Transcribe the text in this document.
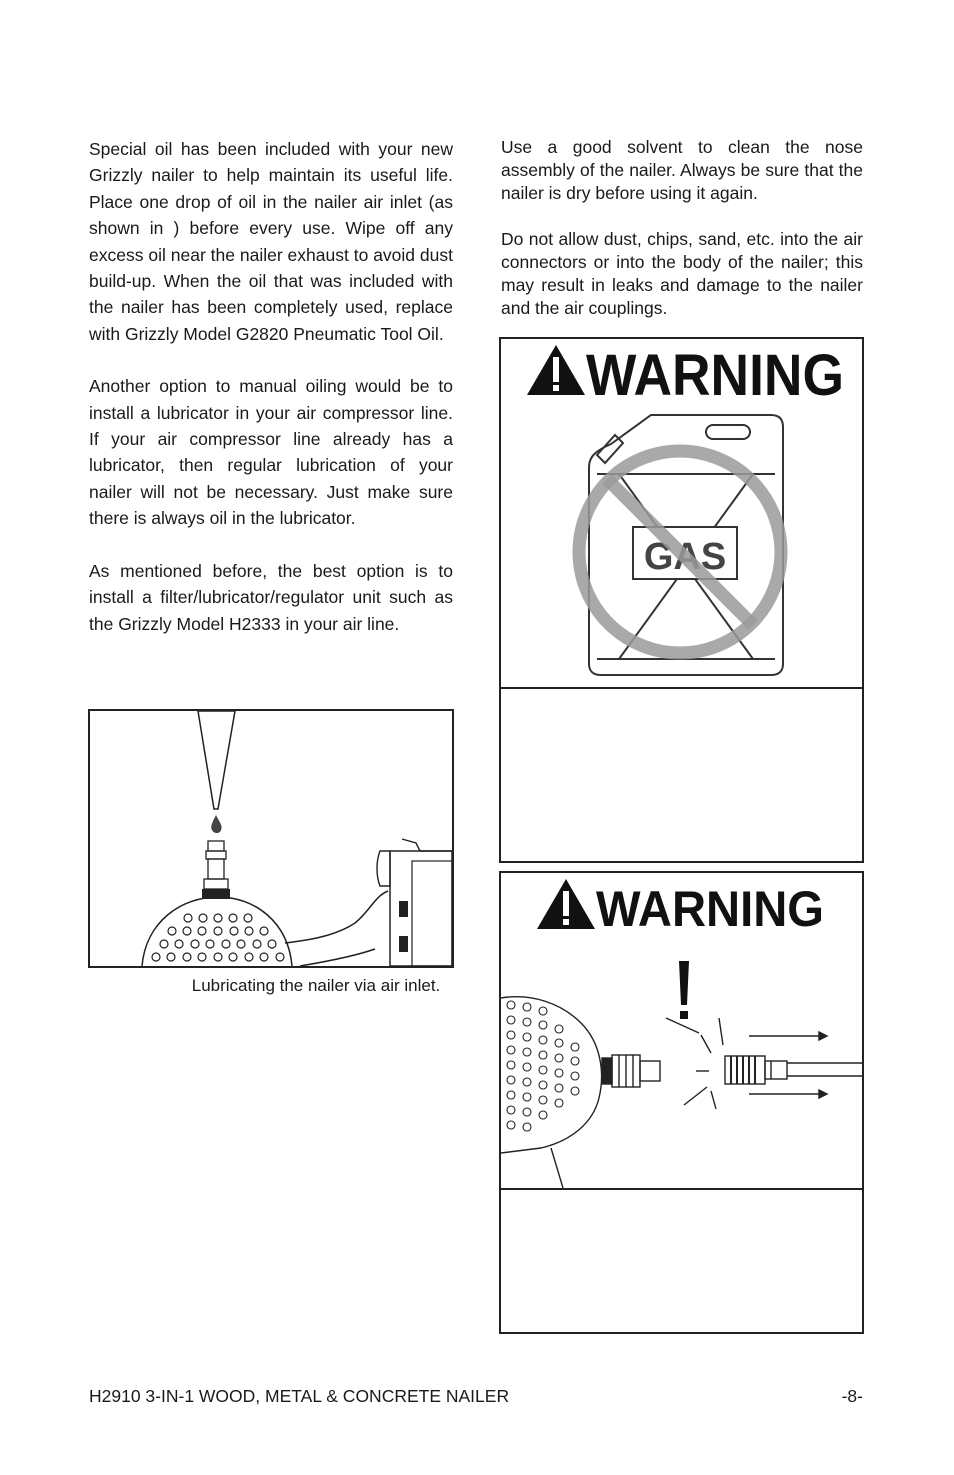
Special oil has been included with your new Grizzly nailer to help maintain its useful life. Place one drop of oil in the nailer air inlet (as shown in ) before every use. Wipe off any excess oil near the nailer exhaust to avoid dust build-up. When the oil that was included with the nailer has been completely used, replace with Grizzly Model G2820 Pneumatic Tool Oil.

Another option to manual oiling would be to install a lubricator in your air compressor line. If your air compressor line already has a lubricator, then regular lubrication of your nailer will not be necessary. Just make sure there is always oil in the lubricator.

As mentioned before, the best option is to install a filter/lubricator/regulator unit such as the Grizzly Model H2333 in your air line.

Use a good solvent to clean the nose assembly of the nailer. Always be sure that the nailer is dry before using it again.

Do not allow dust, chips, sand, etc. into the air connectors or into the body of the nailer; this may result in leaks and damage to the nailer and the air couplings.

Lubricating the nailer via air inlet.
WARNING
GAS
WARNING
H2910 3-IN-1 WOOD, METAL & CONCRETE NAILER	-8-
